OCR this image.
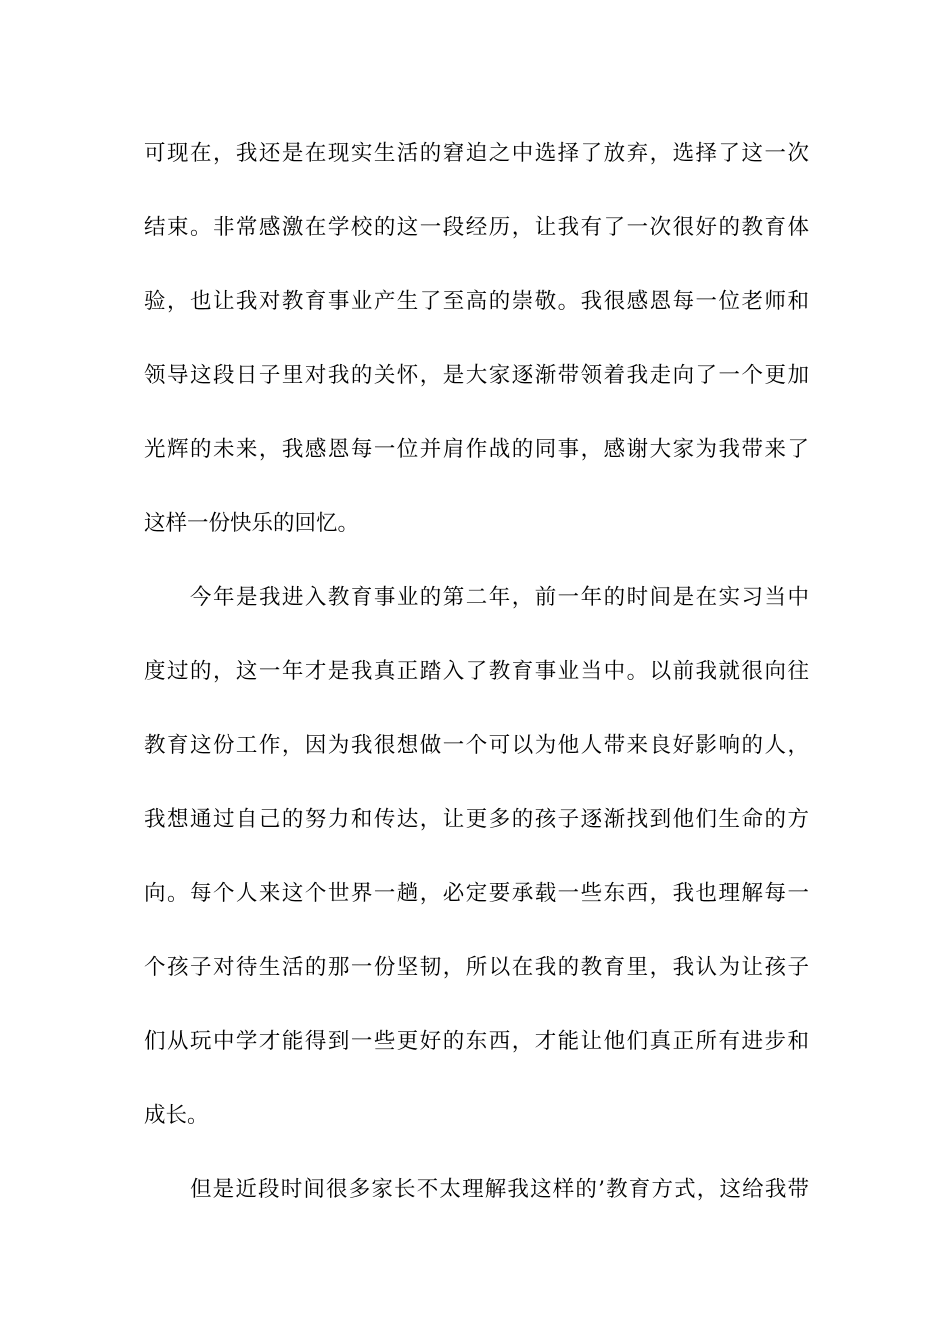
可现在，我还是在现实生活的窘迫之中选择了放弃，选择了这一次
结束。非常感激在学校的这一段经历，让我有了一次很好的教育体
验，也让我对教育事业产生了至高的崇敬。我很感恩每一位老师和
领导这段日子里对我的关怀，是大家逐渐带领着我走向了一个更加
光辉的未来，我感恩每一位并肩作战的同事，感谢大家为我带来了
这样一份快乐的回忆。
今年是我进入教育事业的第二年，前一年的时间是在实习当中
度过的，这一年才是我真正踏入了教育事业当中。以前我就很向往
教育这份工作，因为我很想做一个可以为他人带来良好影响的人，
我想通过自己的努力和传达，让更多的孩子逐渐找到他们生命的方
向。每个人来这个世界一趟，必定要承载一些东西，我也理解每一
个孩子对待生活的那一份坚韧，所以在我的教育里，我认为让孩子
们从玩中学才能得到一些更好的东西，才能让他们真正所有进步和
成长。
但是近段时间很多家长不太理解我这样的’教育方式，这给我带
